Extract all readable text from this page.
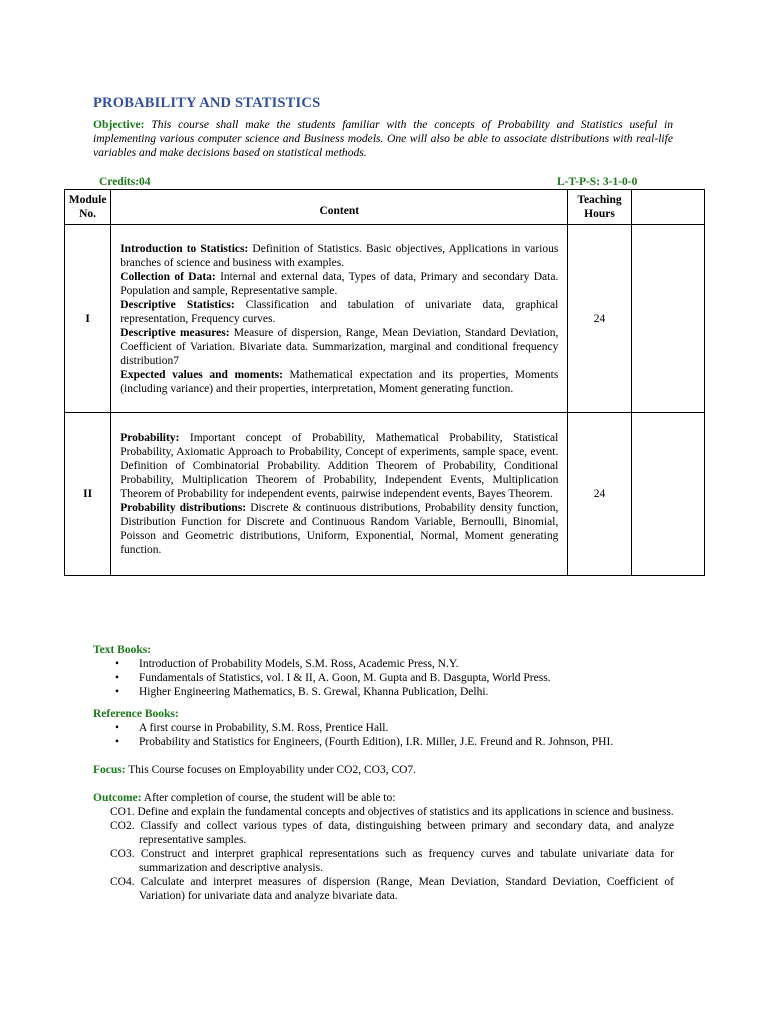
PROBABILITY AND STATISTICS
Objective: This course shall make the students familiar with the concepts of Probability and Statistics useful in implementing various computer science and Business models. One will also be able to associate distributions with real-life variables and make decisions based on statistical methods.
Credits:04	L-T-P-S: 3-1-0-0
Module No.	Content	Teaching Hours	
I	Introduction to Statistics: Definition of Statistics. Basic objectives, Applications in various branches of science and business with examples.

Collection of Data: Internal and external data, Types of data, Primary and secondary Data. Population and sample, Representative sample.

Descriptive Statistics: Classification and tabulation of univariate data, graphical representation, Frequency curves.

Descriptive measures: Measure of dispersion, Range, Mean Deviation, Standard Deviation, Coefficient of Variation. Bivariate data. Summarization, marginal and conditional frequency distribution7

Expected values and moments: Mathematical expectation and its properties, Moments (including variance) and their properties, interpretation, Moment generating function.	24	
II	Probability: Important concept of Probability, Mathematical Probability, Statistical Probability, Axiomatic Approach to Probability, Concept of experiments, sample space, event. Definition of Combinatorial Probability. Addition Theorem of Probability, Conditional Probability, Multiplication Theorem of Probability, Independent Events, Multiplication Theorem of Probability for independent events, pairwise independent events, Bayes Theorem.

Probability distributions: Discrete & continuous distributions, Probability density function, Distribution Function for Discrete and Continuous Random Variable, Bernoulli, Binomial, Poisson and Geometric distributions, Uniform, Exponential, Normal, Moment generating function.	24	
Text Books:
• Introduction of Probability Models, S.M. Ross, Academic Press, N.Y.
• Fundamentals of Statistics, vol. I & II, A. Goon, M. Gupta and B. Dasgupta, World Press.
• Higher Engineering Mathematics, B. S. Grewal, Khanna Publication, Delhi.
Reference Books:
• A first course in Probability, S.M. Ross, Prentice Hall.
• Probability and Statistics for Engineers, (Fourth Edition), I.R. Miller, J.E. Freund and R. Johnson, PHI.
Focus: This Course focuses on Employability under CO2, CO3, CO7.
Outcome: After completion of course, the student will be able to:

CO1. Define and explain the fundamental concepts and objectives of statistics and its applications in science and business.

CO2. Classify and collect various types of data, distinguishing between primary and secondary data, and analyze representative samples.

CO3. Construct and interpret graphical representations such as frequency curves and tabulate univariate data for summarization and descriptive analysis.

CO4. Calculate and interpret measures of dispersion (Range, Mean Deviation, Standard Deviation, Coefficient of Variation) for univariate data and analyze bivariate data.
